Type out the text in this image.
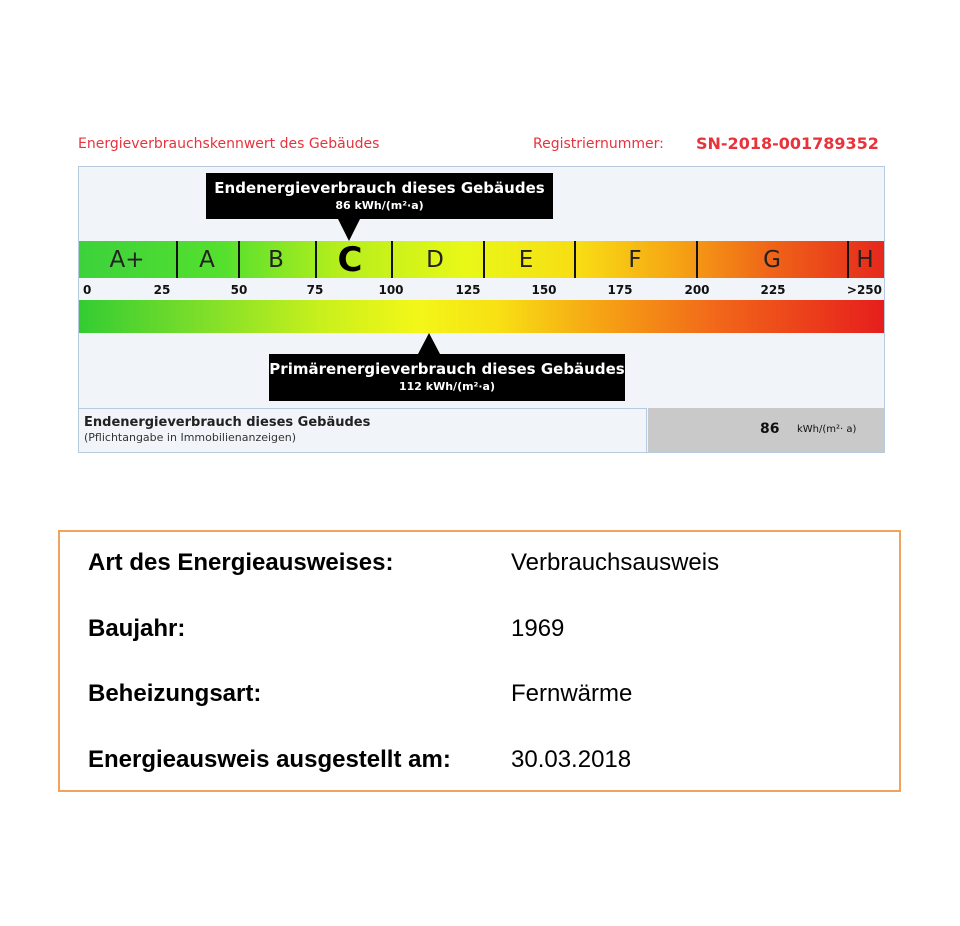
Energieverbrauchskennwert des Gebäudes	Registriernummer: SN-2018-001789352
Endenergieverbrauch dieses Gebäudes
86 kWh/(m²·a)
A+ A B C	D	E	F	G	H
0	25	50	75	100	125	150	175	200	225	>250
Primärenergieverbrauch dieses Gebäudes
112 kWh/(m²·a)
Endenergieverbrauch dieses Gebäudes
(Pflichtangabe in Immobilienanzeigen)
86 kWh/(m²· a)
Art des Energieausweises:	Verbrauchsausweis
Baujahr:	1969
Beheizungsart:	Fernwärme
Energieausweis ausgestellt am:	30.03.2018
